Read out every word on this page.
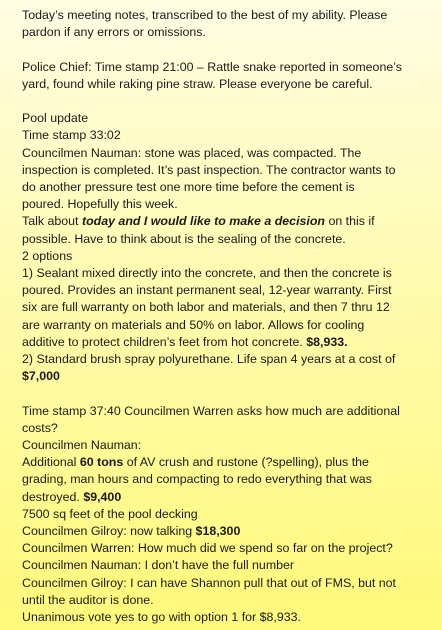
Today’s meeting notes, transcribed to the best of my ability. Please
pardon if any errors or omissions.
Police Chief: Time stamp 21:00 – Rattle snake reported in someone’s
yard, found while raking pine straw. Please everyone be careful.
Pool update
Time stamp 33:02
Councilmen Nauman: stone was placed, was compacted. The
inspection is completed. It’s past inspection. The contractor wants to
do another pressure test one more time before the cement is
poured. Hopefully this week.
Talk about today and I would like to make a decision on this if
possible. Have to think about is the sealing of the concrete.
2 options
1) Sealant mixed directly into the concrete, and then the concrete is
poured. Provides an instant permanent seal, 12-year warranty. First
six are full warranty on both labor and materials, and then 7 thru 12
are warranty on materials and 50% on labor. Allows for cooling
additive to protect children’s feet from hot concrete. $8,933.
2) Standard brush spray polyurethane. Life span 4 years at a cost of
$7,000
Time stamp 37:40 Councilmen Warren asks how much are additional
costs?
Councilmen Nauman:
Additional 60 tons of AV crush and rustone (?spelling), plus the
grading, man hours and compacting to redo everything that was
destroyed. $9,400
7500 sq feet of the pool decking
Councilmen Gilroy: now talking $18,300
Councilmen Warren: How much did we spend so far on the project?
Councilmen Nauman: I don’t have the full number
Councilmen Gilroy: I can have Shannon pull that out of FMS, but not
until the auditor is done.
Unanimous vote yes to go with option 1 for $8,933.
